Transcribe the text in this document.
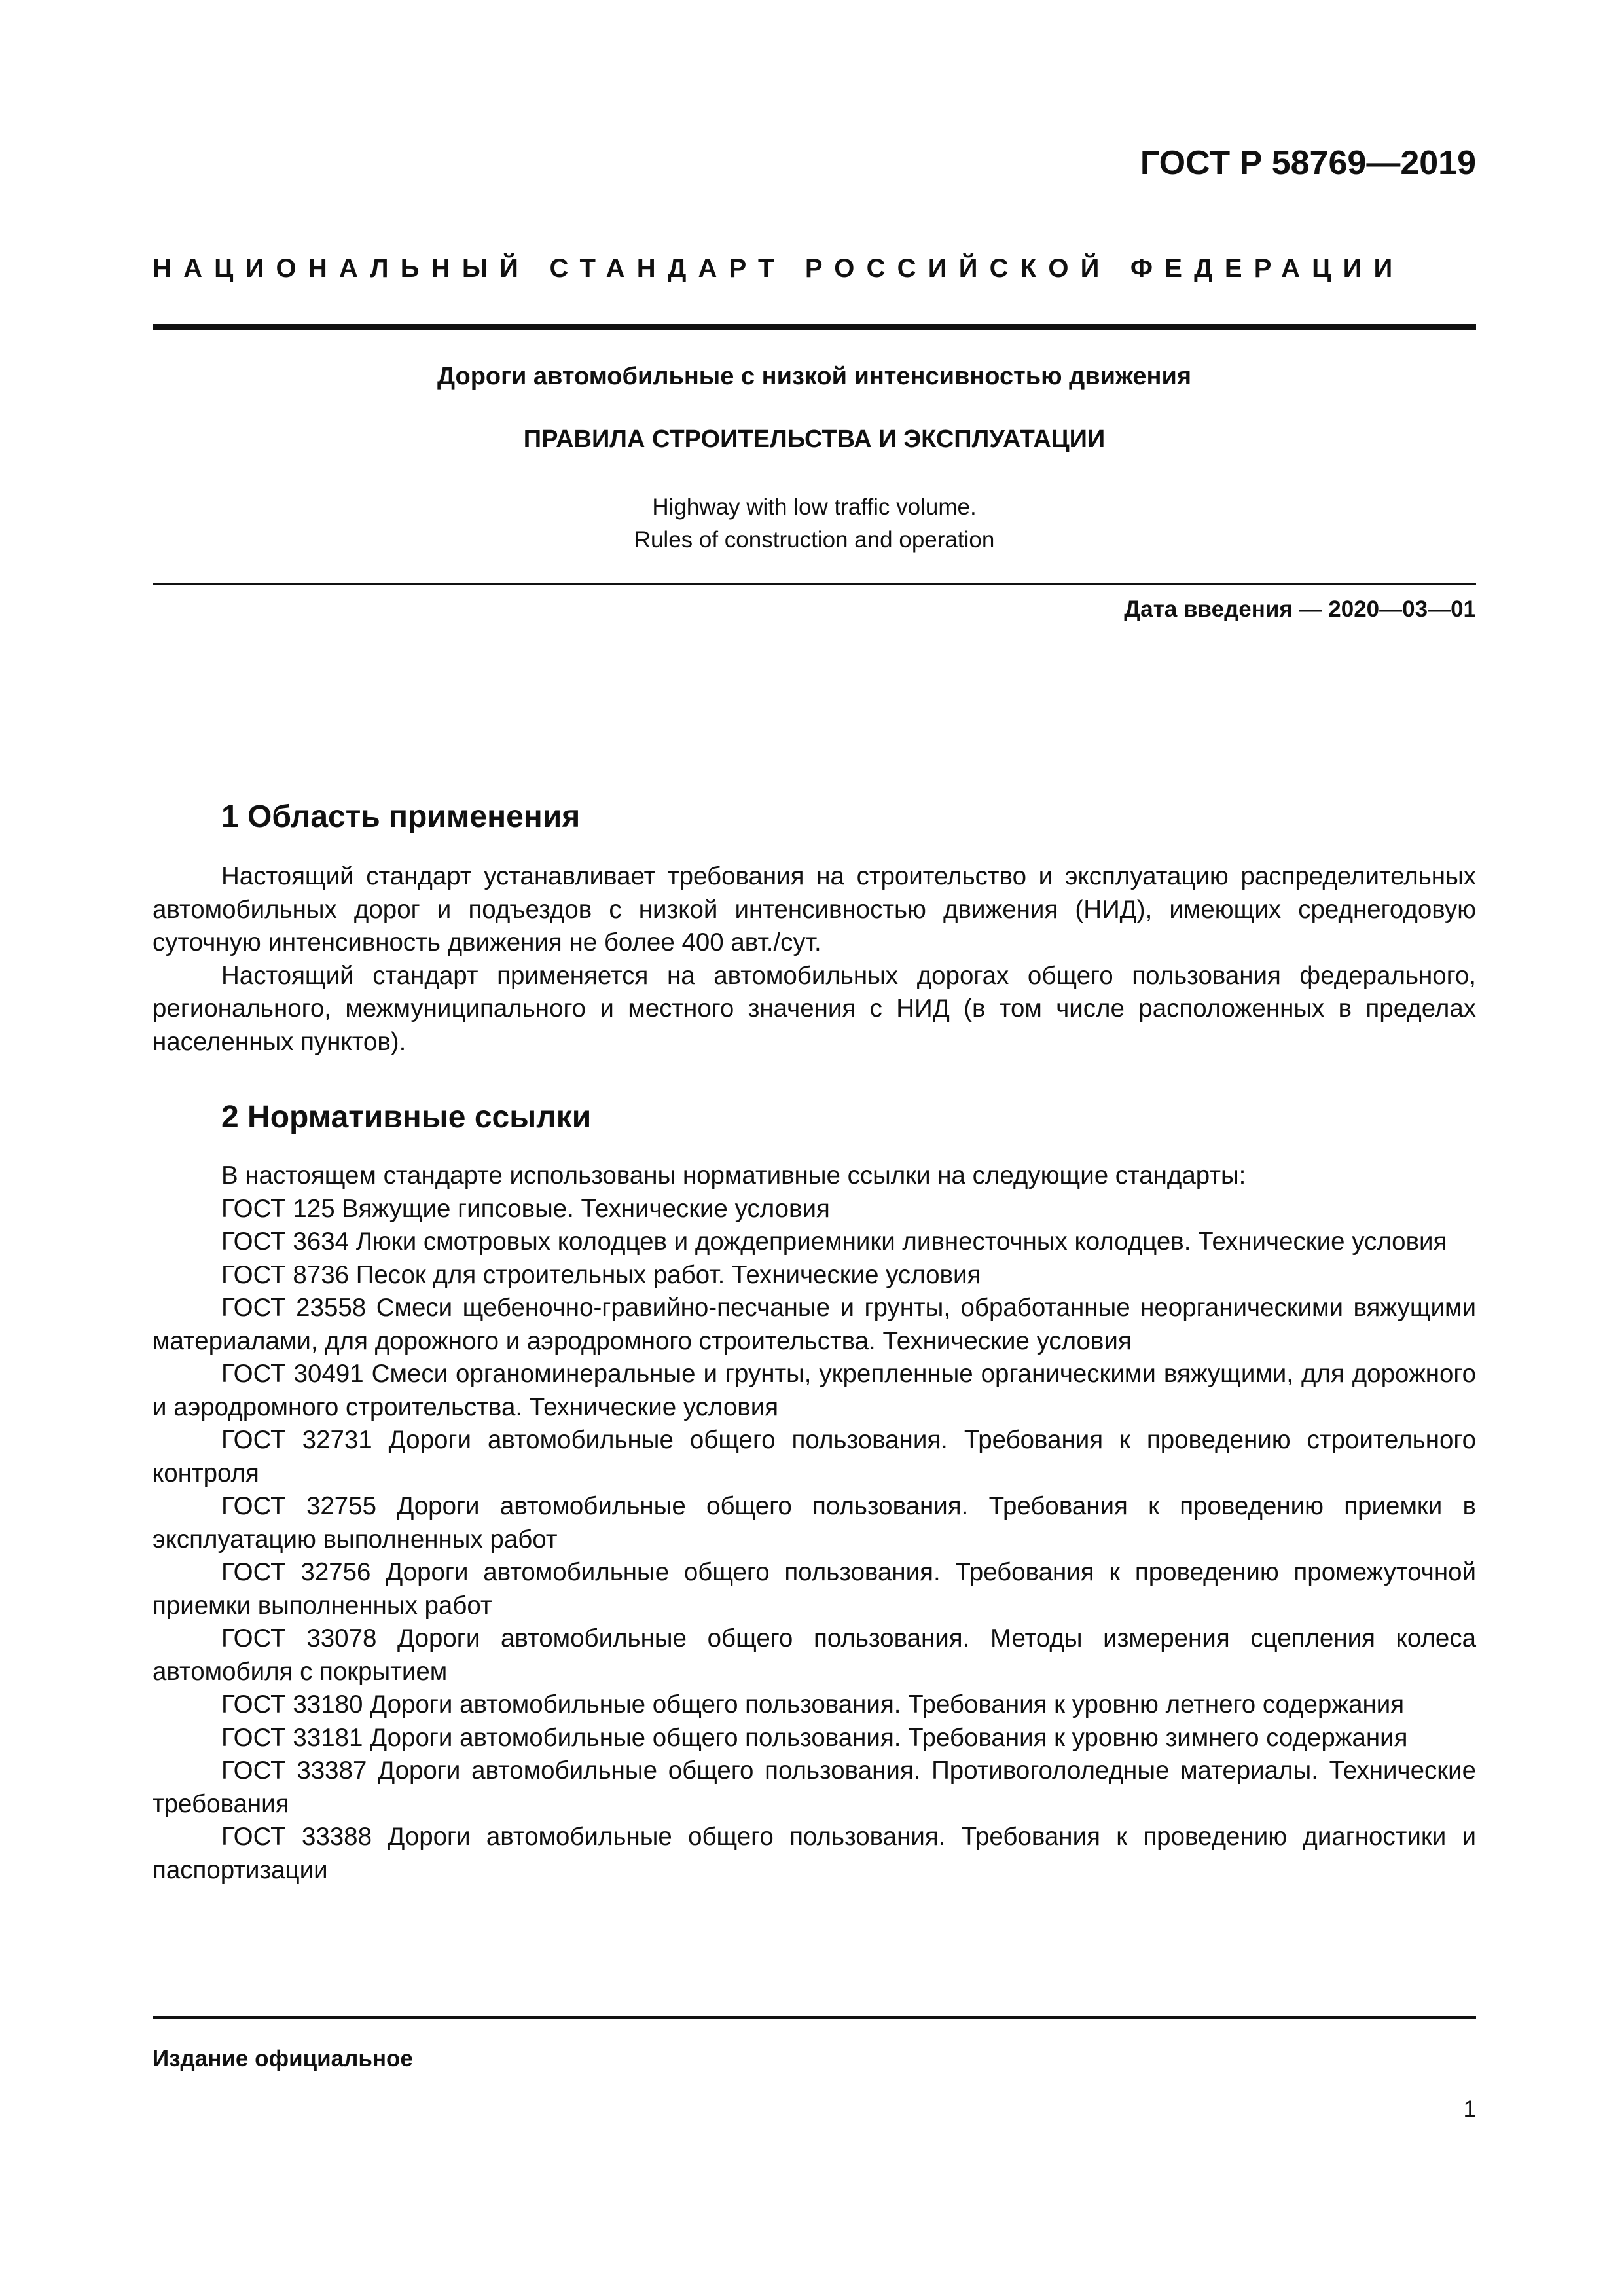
ГОСТ Р 58769—2019
НАЦИОНАЛЬНЫЙ СТАНДАРТ РОССИЙСКОЙ ФЕДЕРАЦИИ
Дороги автомобильные с низкой интенсивностью движения
ПРАВИЛА СТРОИТЕЛЬСТВА И ЭКСПЛУАТАЦИИ
Highway with low traffic volume.
Rules of construction and operation
Дата введения — 2020—03—01
1 Область применения

Настоящий стандарт устанавливает требования на строительство и эксплуатацию распределительных автомобильных дорог и подъездов с низкой интенсивностью движения (НИД), имеющих среднегодовую суточную интенсивность движения не более 400 авт./сут.

Настоящий стандарт применяется на автомобильных дорогах общего пользования федерального, регионального, межмуниципального и местного значения с НИД (в том числе расположенных в пределах населенных пунктов).

2 Нормативные ссылки

В настоящем стандарте использованы нормативные ссылки на следующие стандарты:

ГОСТ 125 Вяжущие гипсовые. Технические условия

ГОСТ 3634 Люки смотровых колодцев и дождеприемники ливнесточных колодцев. Технические условия

ГОСТ 8736 Песок для строительных работ. Технические условия

ГОСТ 23558 Смеси щебеночно-гравийно-песчаные и грунты, обработанные неорганическими вяжущими материалами, для дорожного и аэродромного строительства. Технические условия

ГОСТ 30491 Смеси органоминеральные и грунты, укрепленные органическими вяжущими, для дорожного и аэродромного строительства. Технические условия

ГОСТ 32731 Дороги автомобильные общего пользования. Требования к проведению строительного контроля

ГОСТ 32755 Дороги автомобильные общего пользования. Требования к проведению приемки в эксплуатацию выполненных работ

ГОСТ 32756 Дороги автомобильные общего пользования. Требования к проведению промежуточной приемки выполненных работ

ГОСТ 33078 Дороги автомобильные общего пользования. Методы измерения сцепления колеса автомобиля с покрытием

ГОСТ 33180 Дороги автомобильные общего пользования. Требования к уровню летнего содержания

ГОСТ 33181 Дороги автомобильные общего пользования. Требования к уровню зимнего содержания

ГОСТ 33387 Дороги автомобильные общего пользования. Противогололедные материалы. Технические требования

ГОСТ 33388 Дороги автомобильные общего пользования. Требования к проведению диагностики и паспортизации

Издание официальное
1
